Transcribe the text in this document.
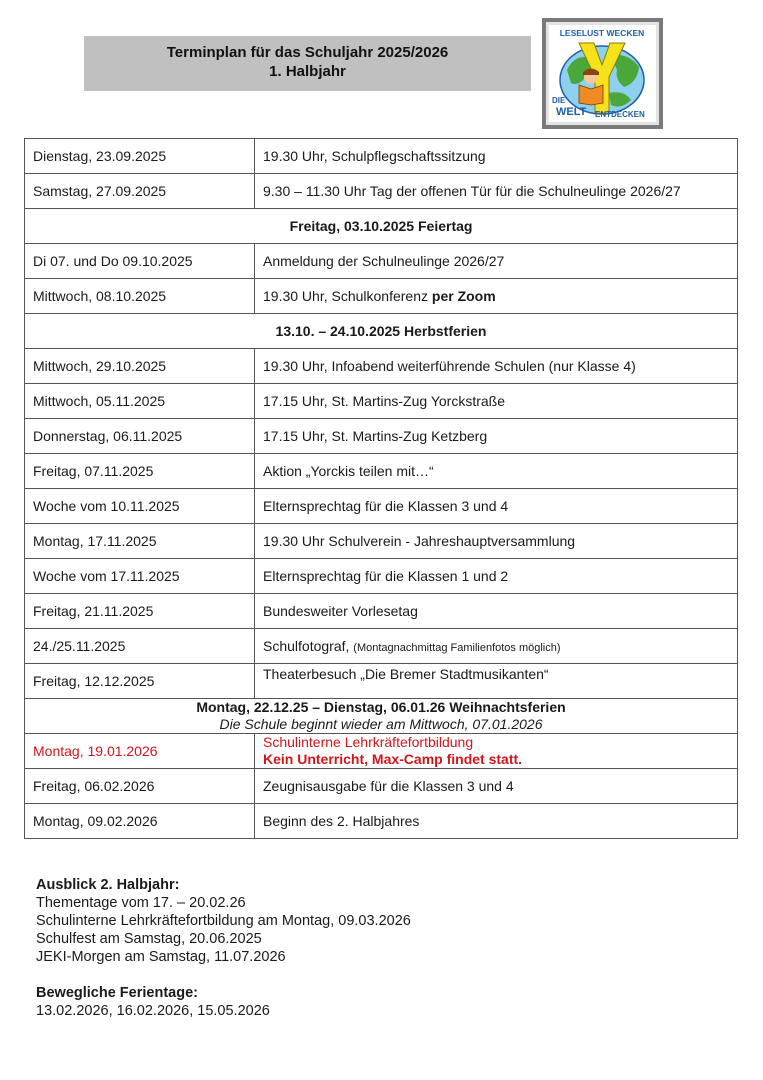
Terminplan für das Schuljahr 2025/2026
1. Halbjahr
LESELUST WECKEN
DIE
WELT ENTDECKEN
Dienstag, 23.09.2025	19.30 Uhr, Schulpflegschaftssitzung
Samstag, 27.09.2025	9.30 – 11.30 Uhr Tag der offenen Tür für die Schulneulinge 2026/27

Freitag, 03.10.2025 Feiertag	

Di 07. und Do 09.10.2025	Anmeldung der Schulneulinge 2026/27
Mittwoch, 08.10.2025	19.30 Uhr, Schulkonferenz per Zoom

13.10. – 24.10.2025 Herbstferien	

Mittwoch, 29.10.2025	19.30 Uhr, Infoabend weiterführende Schulen (nur Klasse 4)
Mittwoch, 05.11.2025	17.15 Uhr, St. Martins-Zug Yorckstraße
Donnerstag, 06.11.2025	17.15 Uhr, St. Martins-Zug Ketzberg
Freitag, 07.11.2025	Aktion „Yorckis teilen mit…“
Woche vom 10.11.2025	Elternsprechtag für die Klassen 3 und 4
Montag, 17.11.2025	19.30 Uhr Schulverein - Jahreshauptversammlung
Woche vom 17.11.2025	Elternsprechtag für die Klassen 1 und 2
Freitag, 21.11.2025	Bundesweiter Vorlesetag
24./25.11.2025	Schulfotograf, (Montagnachmittag Familienfotos möglich)
Freitag, 12.12.2025	Theaterbesuch „Die Bremer Stadtmusikanten“

Montag, 22.12.25 – Dienstag, 06.01.26 Weihnachtsferien
Die Schule beginnt wieder am Mittwoch, 07.01.2026	

Montag, 19.01.2026	Schulinterne Lehrkräftefortbildung
Kein Unterricht, Max-Camp findet statt.

Freitag, 06.02.2026	Zeugnisausgabe für die Klassen 3 und 4
Montag, 09.02.2026	Beginn des 2. Halbjahres
Ausblick 2. Halbjahr:
Thementage vom 17. – 20.02.26
Schulinterne Lehrkräftefortbildung am Montag, 09.03.2026
Schulfest am Samstag, 20.06.2025
JEKI-Morgen am Samstag, 11.07.2026
Bewegliche Ferientage:
13.02.2026, 16.02.2026, 15.05.2026
